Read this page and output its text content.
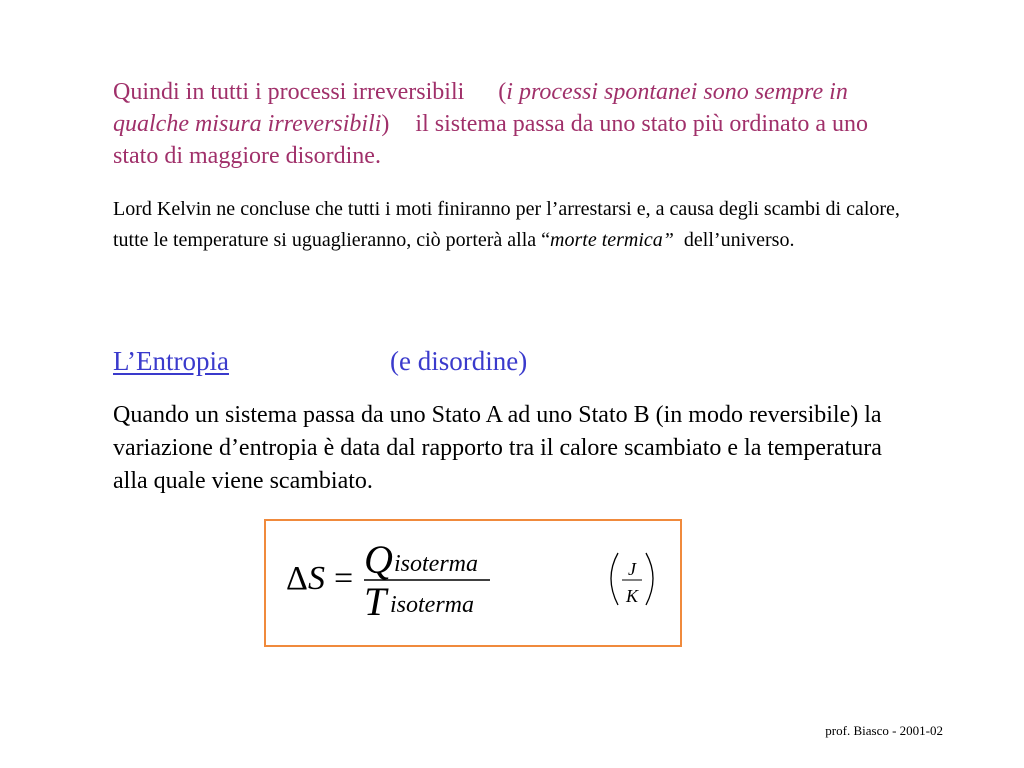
Quindi in tutti i processi irreversibili (i processi spontanei sono sempre in qualche misura irreversibili) il sistema passa da uno stato più ordinato a uno stato di maggiore disordine.

Lord Kelvin ne concluse che tutti i moti finiranno per l’arrestarsi e, a causa degli scambi di calore, tutte le temperature si uguaglieranno, ciò porterà alla “morte termica” dell’universo.

L’Entropia	(e disordine)

Quando un sistema passa da uno Stato A ad uno Stato B (in modo reversibile) la variazione d’entropia è data dal rapporto tra il calore scambiato e la temperatura alla quale viene scambiato.

Δ S = Q isoterma
T isoterma
J
K
prof. Biasco - 2001-02
